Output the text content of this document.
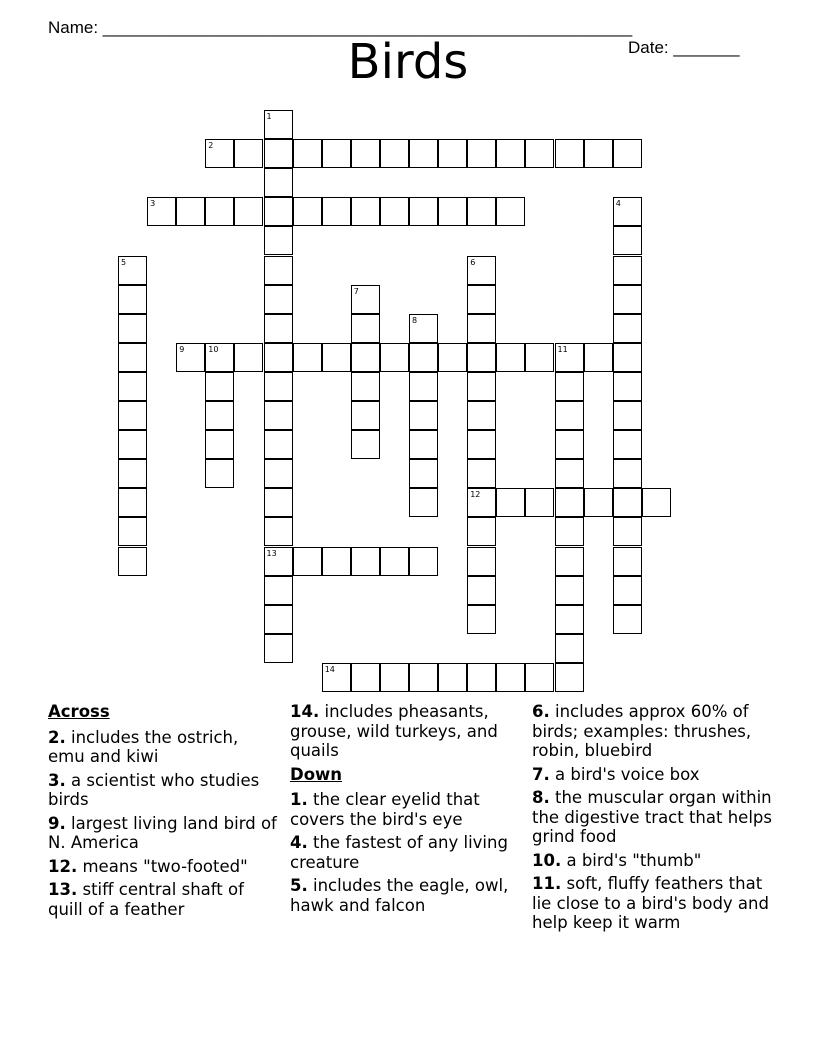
Name: ________________________________________________________

Date: _______

Birds
1
13
2
3	4
5	6
12
7
8
9	10	11
14
Across
2. includes the ostrich, emu and kiwi
3. a scientist who studies birds
9. largest living land bird of N. America
12. means "two-footed"
13. stiff central shaft of quill of a feather
14. includes pheasants, grouse, wild turkeys, and quails
Down
1. the clear eyelid that covers the bird's eye
4. the fastest of any living creature
5. includes the eagle, owl, hawk and falcon
6. includes approx 60% of birds; examples: thrushes, robin, bluebird
7. a bird's voice box
8. the muscular organ within the digestive tract that helps grind food
10. a bird's "thumb"
11. soft, fluffy feathers that lie close to a bird's body and help keep it warm
